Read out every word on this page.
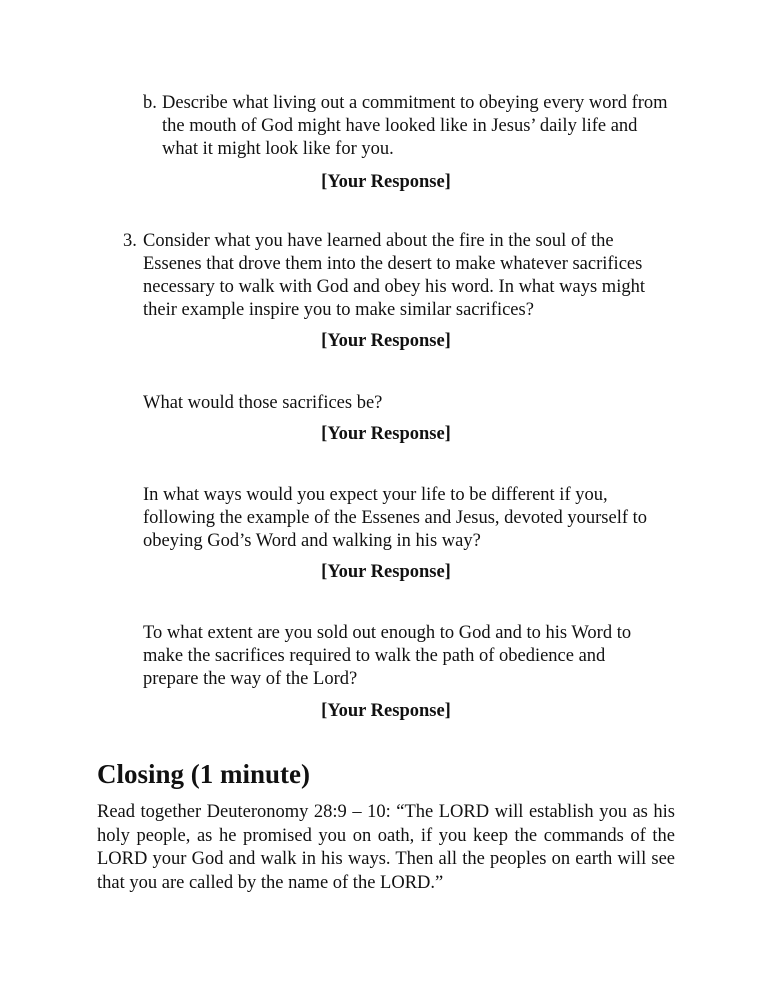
b. Describe what living out a commitment to obeying every word from the mouth of God might have looked like in Jesus’ daily life and what it might look like for you.

[Your Response]
3. Consider what you have learned about the fire in the soul of the Essenes that drove them into the desert to make whatever sacrifices necessary to walk with God and obey his word. In what ways might their example inspire you to make similar sacrifices?

[Your Response]

What would those sacrifices be?

[Your Response]

In what ways would you expect your life to be different if you, following the example of the Essenes and Jesus, devoted yourself to obeying God’s Word and walking in his way?

[Your Response]

To what extent are you sold out enough to God and to his Word to make the sacrifices required to walk the path of obedience and prepare the way of the Lord?

[Your Response]
Closing (1 minute)

Read together Deuteronomy 28:9 – 10: “The LORD will establish you as his holy people, as he promised you on oath, if you keep the commands of the LORD your God and walk in his ways. Then all the peoples on earth will see that you are called by the name of the LORD.”
